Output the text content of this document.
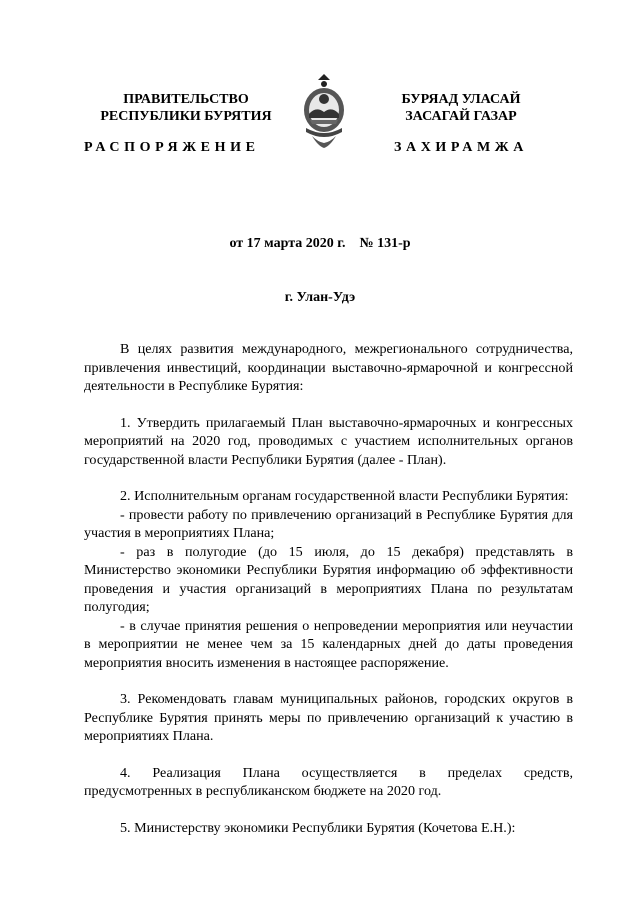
ПРАВИТЕЛЬСТВО
РЕСПУБЛИКИ БУРЯТИЯ
БУРЯАД УЛАСАЙ
ЗАСАГАЙ ГАЗАР
РАСПОРЯЖЕНИЕ	ЗАХИРАМЖА
от 17 марта 2020 г. № 131-р
г. Улан-Удэ

В целях развития международного, межрегионального сотрудничества, привлечения инвестиций, координации выставочно-ярмарочной и конгрессной деятельности в Республике Бурятия:

1. Утвердить прилагаемый План выставочно-ярмарочных и конгрессных мероприятий на 2020 год, проводимых с участием исполнительных органов государственной власти Республики Бурятия (далее - План).

2. Исполнительным органам государственной власти Республики Бурятия:

- провести работу по привлечению организаций в Республике Бурятия для участия в мероприятиях Плана;

- раз в полугодие (до 15 июля, до 15 декабря) представлять в Министерство экономики Республики Бурятия информацию об эффективности проведения и участия организаций в мероприятиях Плана по результатам полугодия;

- в случае принятия решения о непроведении мероприятия или неучастии в мероприятии не менее чем за 15 календарных дней до даты проведения мероприятия вносить изменения в настоящее распоряжение.

3. Рекомендовать главам муниципальных районов, городских округов в Республике Бурятия принять меры по привлечению организаций к участию в мероприятиях Плана.

4. Реализация Плана осуществляется в пределах средств, предусмотренных в республиканском бюджете на 2020 год.

5. Министерству экономики Республики Бурятия (Кочетова Е.Н.):
